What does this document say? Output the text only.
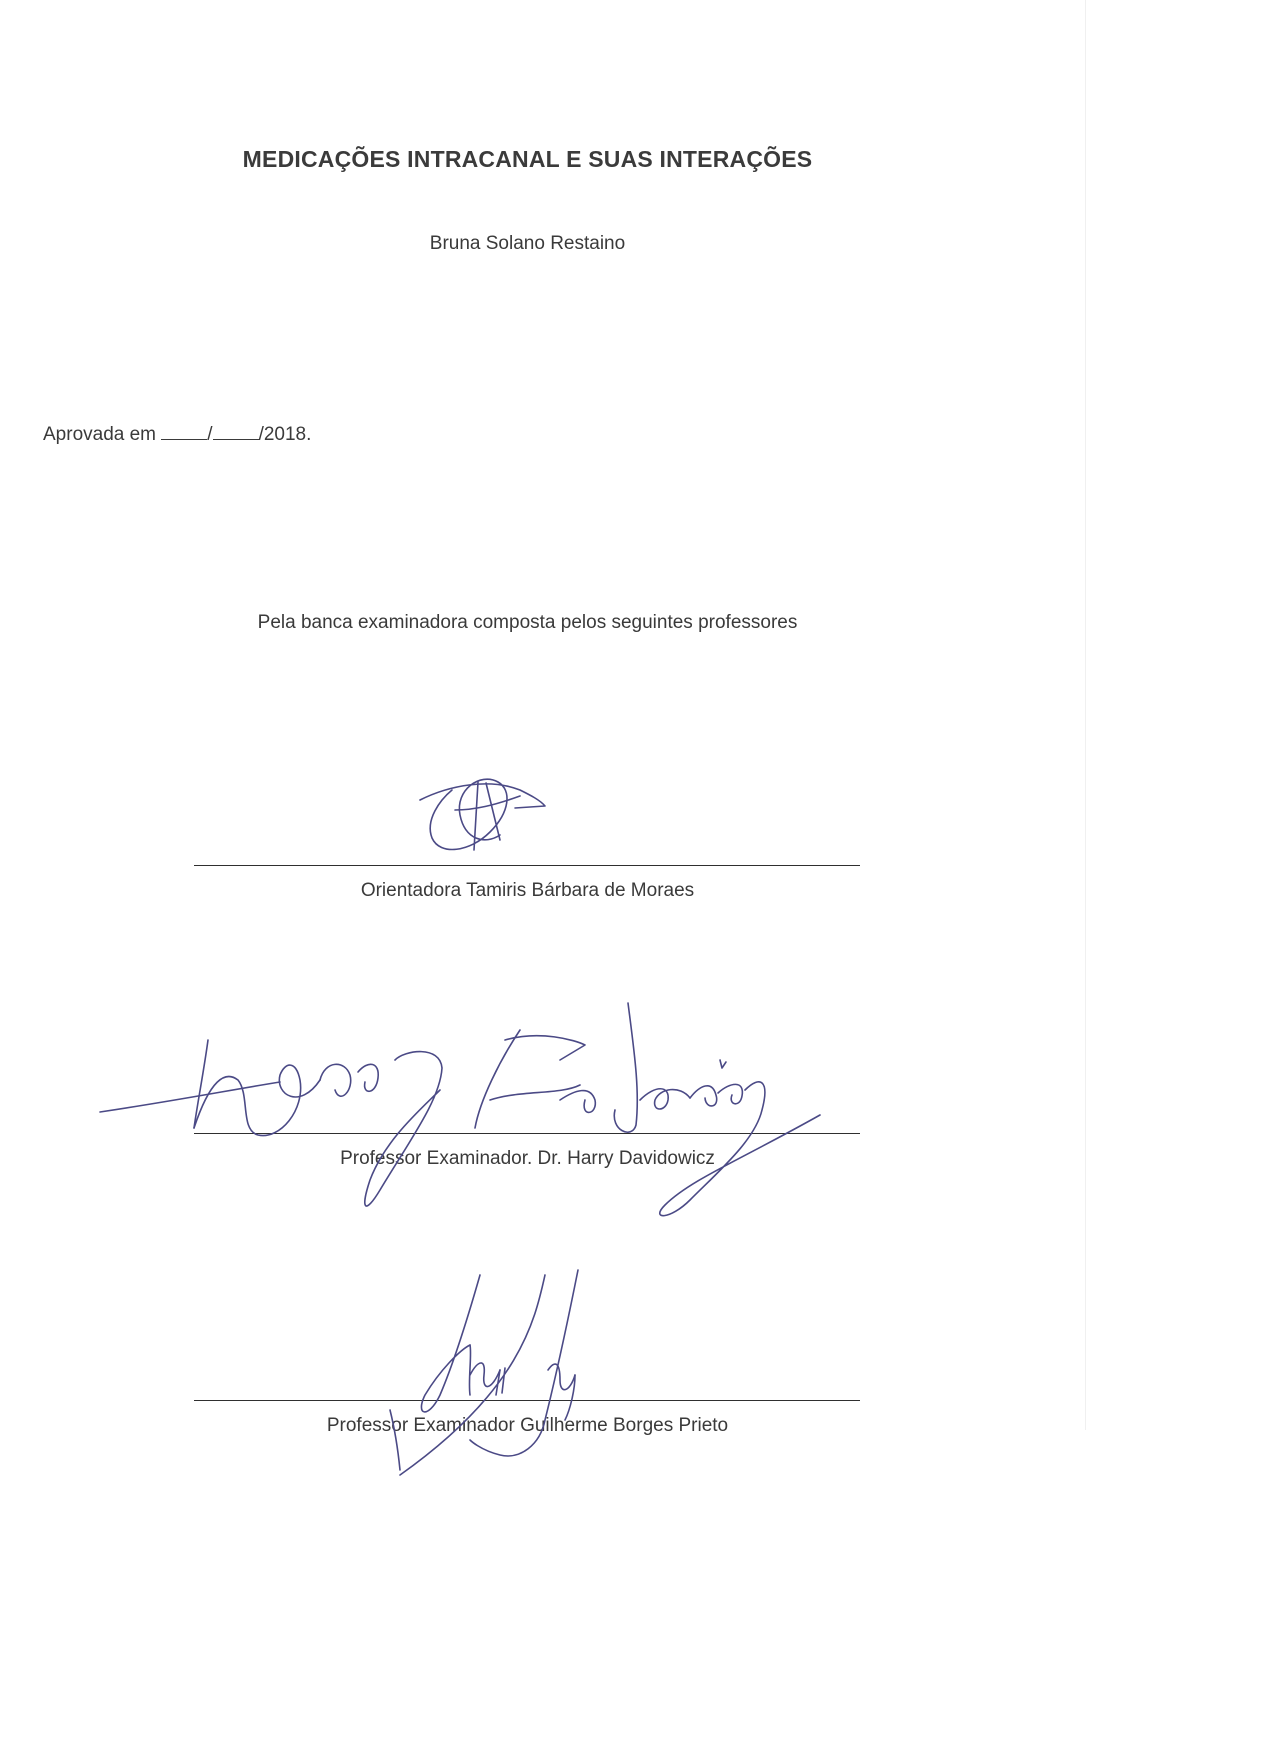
MEDICAÇÕES INTRACANAL E SUAS INTERAÇÕES
Bruna Solano Restaino
Aprovada em / /2018.
Pela banca examinadora composta pelos seguintes professores
Orientadora Tamiris Bárbara de Moraes
Professor Examinador. Dr. Harry Davidowicz
Professor Examinador Guilherme Borges Prieto
